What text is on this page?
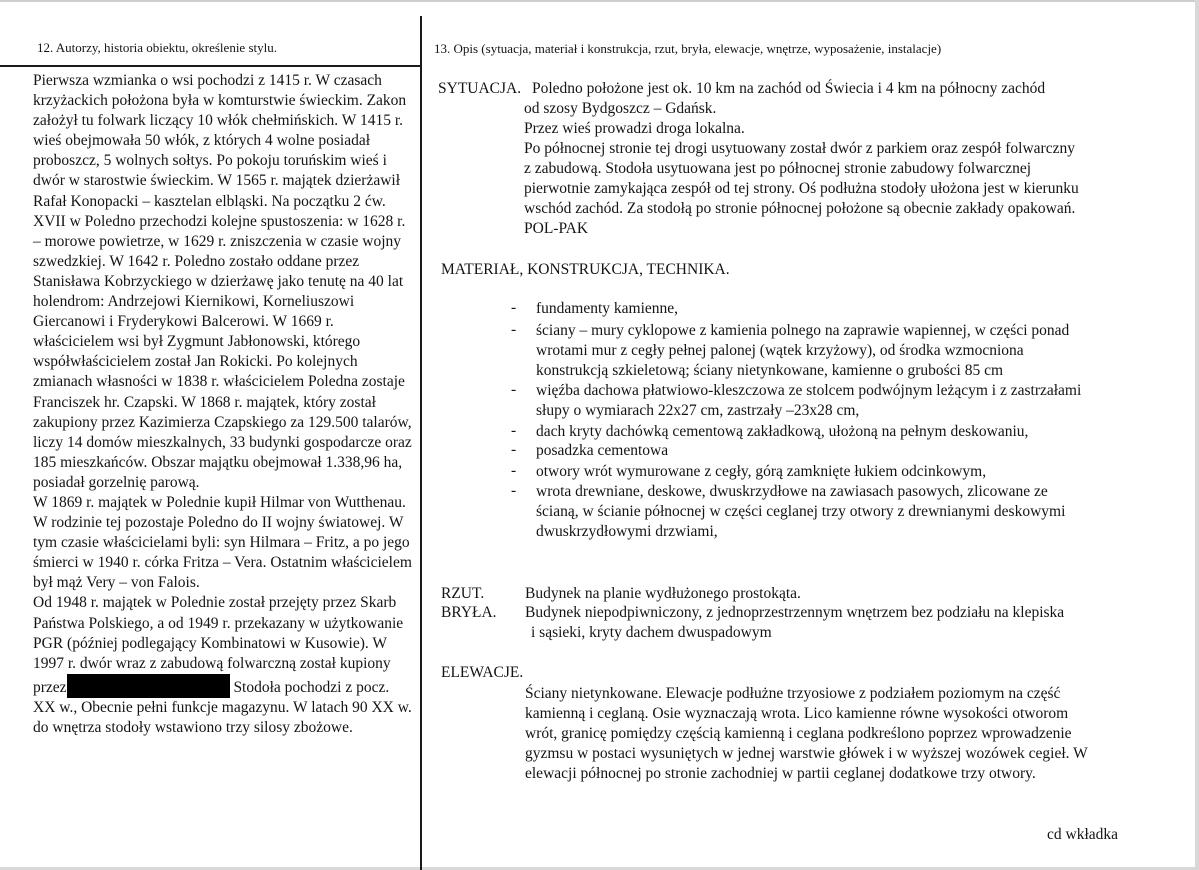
12. Autorzy, historia obiektu, określenie stylu.

Pierwsza wzmianka o wsi pochodzi z 1415 r. W czasach krzyżackich położona była w komturstwie świeckim. Zakon założył tu folwark liczący 10 włók chełmińskich. W 1415 r. wieś obejmowała 50 włók, z których 4 wolne posiadał proboszcz, 5 wolnych sołtys. Po pokoju toruńskim wieś i dwór w starostwie świeckim. W 1565 r. majątek dzierżawił Rafał Konopacki – kasztelan elbląski. Na początku 2 ćw. XVII w Poledno przechodzi kolejne spustoszenia: w 1628 r. – morowe powietrze, w 1629 r. zniszczenia w czasie wojny szwedzkiej. W 1642 r. Poledno zostało oddane przez Stanisława Kobrzyckiego w dzierżawę jako tenutę na 40 lat holendrom: Andrzejowi Kiernikowi, Korneliuszowi Giercanowi i Fryderykowi Balcerowi. W 1669 r. właścicielem wsi był Zygmunt Jabłonowski, którego współwłaścicielem został Jan Rokicki. Po kolejnych zmianach własności w 1838 r. właścicielem Poledna zostaje Franciszek hr. Czapski. W 1868 r. majątek, który został zakupiony przez Kazimierza Czapskiego za 129.500 talarów, liczy 14 domów mieszkalnych, 33 budynki gospodarcze oraz 185 mieszkańców. Obszar majątku obejmował 1.338,96 ha, posiadał gorzelnię parową.

W 1869 r. majątek w Polednie kupił Hilmar von Wutthenau. W rodzinie tej pozostaje Poledno do II wojny światowej. W tym czasie właścicielami byli: syn Hilmara – Fritz, a po jego śmierci w 1940 r. córka Fritza – Vera. Ostatnim właścicielem był mąż Very – von Falois.

Od 1948 r. majątek w Polednie został przejęty przez Skarb Państwa Polskiego, a od 1949 r. przekazany w użytkowanie PGR (później podlegający Kombinatowi w Kusowie). W 1997 r. dwór wraz z zabudową folwarczną został kupiony przez	Stodoła pochodzi z pocz. XX w., Obecnie pełni funkcje magazynu. W latach 90 XX w. do wnętrza stodoły wstawiono trzy silosy zbożowe.

13. Opis (sytuacja, materiał i konstrukcja, rzut, bryła, elewacje, wnętrze, wyposażenie, instalacje)
SYTUACJA. Poledno położone jest ok. 10 km na zachód od Świecia i 4 km na północny zachód
od szosy Bydgoszcz – Gdańsk.
Przez wieś prowadzi droga lokalna.
Po północnej stronie tej drogi usytuowany został dwór z parkiem oraz zespół folwarczny
z zabudową. Stodoła usytuowana jest po północnej stronie zabudowy folwarcznej
pierwotnie zamykająca zespół od tej strony. Oś podłużna stodoły ułożona jest w kierunku
wschód zachód. Za stodołą po stronie północnej położone są obecnie zakłady opakowań.
POL-PAK
MATERIAŁ, KONSTRUKCJA, TECHNIKA.
- fundamenty kamienne,
- ściany – mury cyklopowe z kamienia polnego na zaprawie wapiennej, w części ponad
wrotami mur z cegły pełnej palonej (wątek krzyżowy), od środka wzmocniona
konstrukcją szkieletową; ściany nietynkowane, kamienne o grubości 85 cm
- więźba dachowa płatwiowo-kleszczowa ze stolcem podwójnym leżącym i z zastrzałami
słupy o wymiarach 22x27 cm, zastrzały –23x28 cm,
- dach kryty dachówką cementową zakładkową, ułożoną na pełnym deskowaniu,
- posadzka cementowa
- otwory wrót wymurowane z cegły, górą zamknięte łukiem odcinkowym,
- wrota drewniane, deskowe, dwuskrzydłowe na zawiasach pasowych, zlicowane ze
ścianą, w ścianie północnej w części ceglanej trzy otwory z drewnianymi deskowymi
dwuskrzydłowymi drzwiami,
RZUT.	Budynek na planie wydłużonego prostokąta.
BRYŁA. Budynek niepodpiwniczony, z jednoprzestrzennym wnętrzem bez podziału na klepiska
i sąsieki, kryty dachem dwuspadowym
ELEWACJE.
Ściany nietynkowane. Elewacje podłużne trzyosiowe z podziałem poziomym na część
kamienną i ceglaną. Osie wyznaczają wrota. Lico kamienne równe wysokości otworom
wrót, granicę pomiędzy częścią kamienną i ceglana podkreślono poprzez wprowadzenie
gyzmsu w postaci wysuniętych w jednej warstwie główek i w wyższej wozówek cegieł. W
elewacji północnej po stronie zachodniej w partii ceglanej dodatkowe trzy otwory.
cd wkładka
